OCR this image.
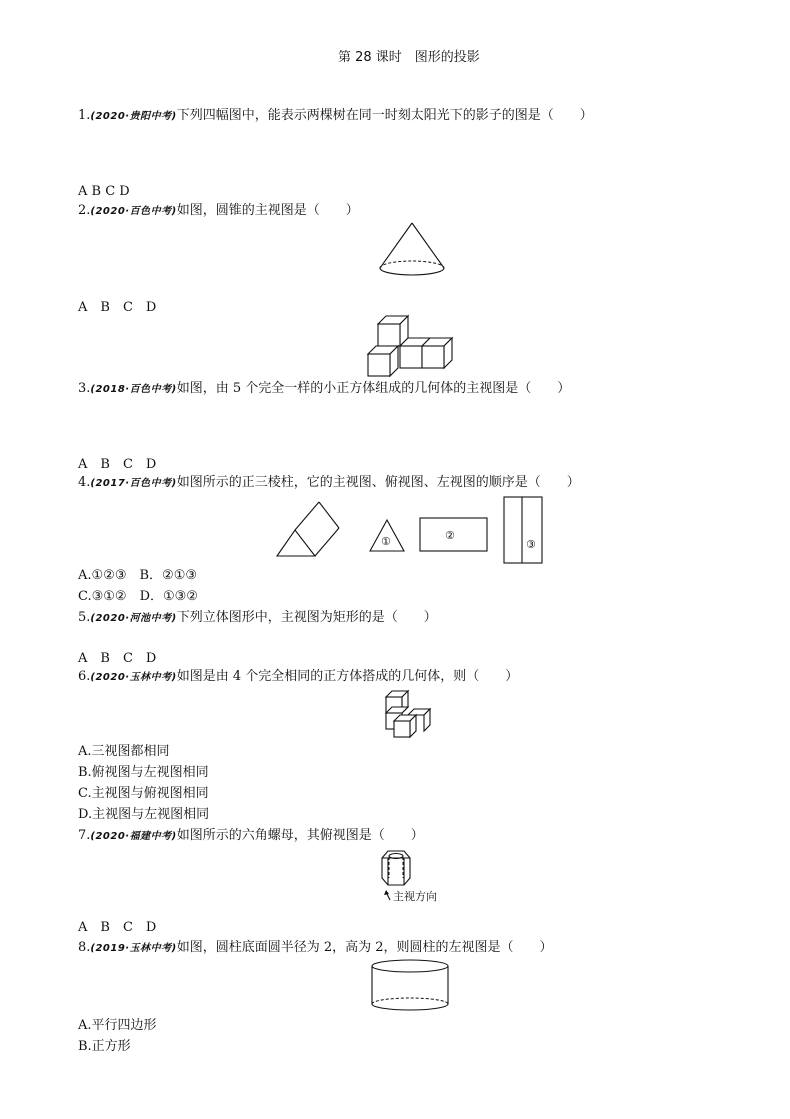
第 28 课时　图形的投影
1.(2020·贵阳中考)下列四幅图中，能表示两棵树在同一时刻太阳光下的影子的图是（　　）
A B C D
2.(2020·百色中考)如图，圆锥的主视图是（　　）
A　B　C　D
3.(2018·百色中考)如图，由 5 个完全一样的小正方体组成的几何体的主视图是（　　）
A　B　C　D
4.(2017·百色中考)如图所示的正三棱柱，它的主视图、俯视图、左视图的顺序是（　　）
①	②
③
A.①②③　B．②①③
C.③①②　D．①③②
5.(2020·河池中考)下列立体图形中，主视图为矩形的是（　　）
A　B　C　D
6.(2020·玉林中考)如图是由 4 个完全相同的正方体搭成的几何体，则（　　）
A.三视图都相同
B.俯视图与左视图相同
C.主视图与俯视图相同
D.主视图与左视图相同
7.(2020·福建中考)如图所示的六角螺母，其俯视图是（　　）
主视方向
A　B　C　D
8.(2019·玉林中考)如图，圆柱底面圆半径为 2，高为 2，则圆柱的左视图是（　　）
A.平行四边形
B.正方形
